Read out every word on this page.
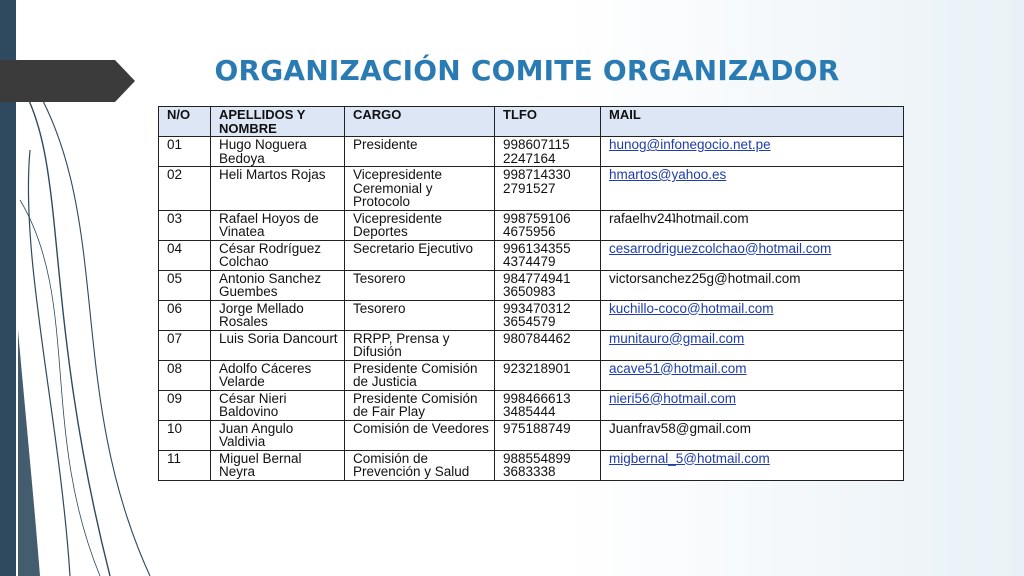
ORGANIZACIÓN COMITE ORGANIZADOR
N/O	APELLIDOS Y NOMBRE	CARGO	TLFO	MAIL
01	Hugo Noguera Bedoya	Presidente	998607115 2247164	hunog@infonegocio.net.pe
02	Heli Martos Rojas	Vicepresidente Ceremonial y Protocolo	998714330 2791527	hmartos@yahoo.es
03	Rafael Hoyos de Vinatea	Vicepresidente Deportes	998759106 4675956	rafaelhv24ʇhotmail.com
04	César Rodríguez Colchao	Secretario Ejecutivo	996134355 4374479	cesarrodriguezcolchao@hotmail.com
05	Antonio Sanchez Guembes	Tesorero	984774941 3650983	victorsanchez25g@hotmail.com
06	Jorge Mellado Rosales	Tesorero	993470312 3654579	kuchillo-coco@hotmail.com
07	Luis Soria Dancourt	RRPP, Prensa y Difusión	980784462	munitauro@gmail.com
08	Adolfo Cáceres Velarde	Presidente Comisión de Justicia	923218901	acave51@hotmail.com
09	César Nieri Baldovino	Presidente Comisión de Fair Play	998466613 3485444	nieri56@hotmail.com
10	Juan Angulo Valdivia	Comisión de Veedores	975188749	Juanfrav58@gmail.com
11	Miguel Bernal Neyra	Comisión de Prevención y Salud	988554899 3683338	migbernal_5@hotmail.com
